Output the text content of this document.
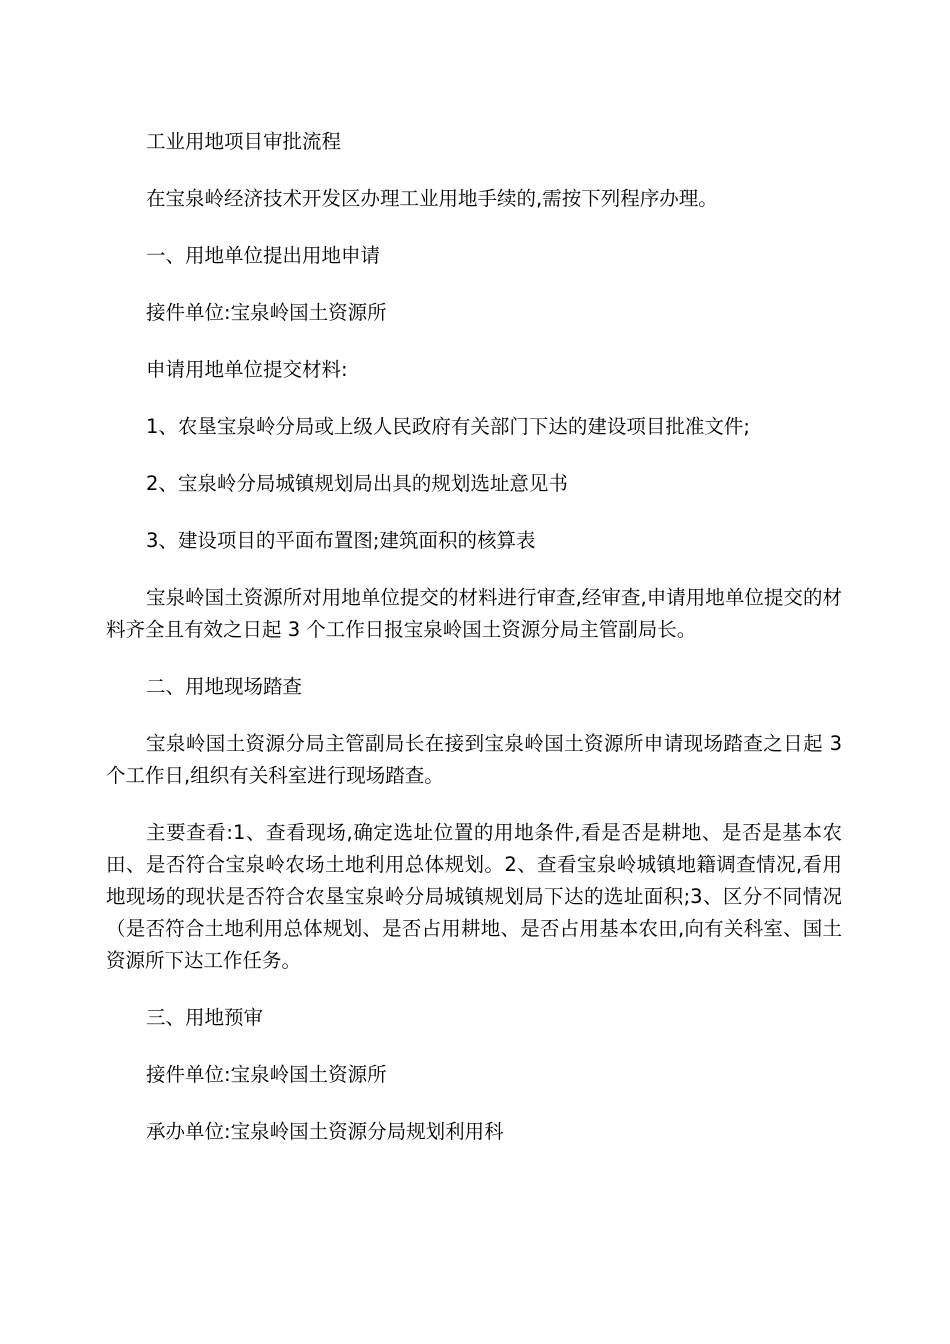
工业用地项目审批流程

在宝泉岭经济技术开发区办理工业用地手续的,需按下列程序办理。

一、用地单位提出用地申请

接件单位:宝泉岭国土资源所

申请用地单位提交材料:

1、农垦宝泉岭分局或上级人民政府有关部门下达的建设项目批准文件;

2、宝泉岭分局城镇规划局出具的规划选址意见书

3、建设项目的平面布置图;建筑面积的核算表

宝泉岭国土资源所对用地单位提交的材料进行审查,经审查,申请用地单位提交的材料齐全且有效之日起 3 个工作日报宝泉岭国土资源分局主管副局长。

二、用地现场踏查

宝泉岭国土资源分局主管副局长在接到宝泉岭国土资源所申请现场踏查之日起 3 个工作日,组织有关科室进行现场踏查。

主要查看:1、查看现场,确定选址位置的用地条件,看是否是耕地、是否是基本农田、是否符合宝泉岭农场土地利用总体规划。2、查看宝泉岭城镇地籍调查情况,看用地现场的现状是否符合农垦宝泉岭分局城镇规划局下达的选址面积;3、区分不同情况（是否符合土地利用总体规划、是否占用耕地、是否占用基本农田,向有关科室、国土资源所下达工作任务。

三、用地预审

接件单位:宝泉岭国土资源所

承办单位:宝泉岭国土资源分局规划利用科
